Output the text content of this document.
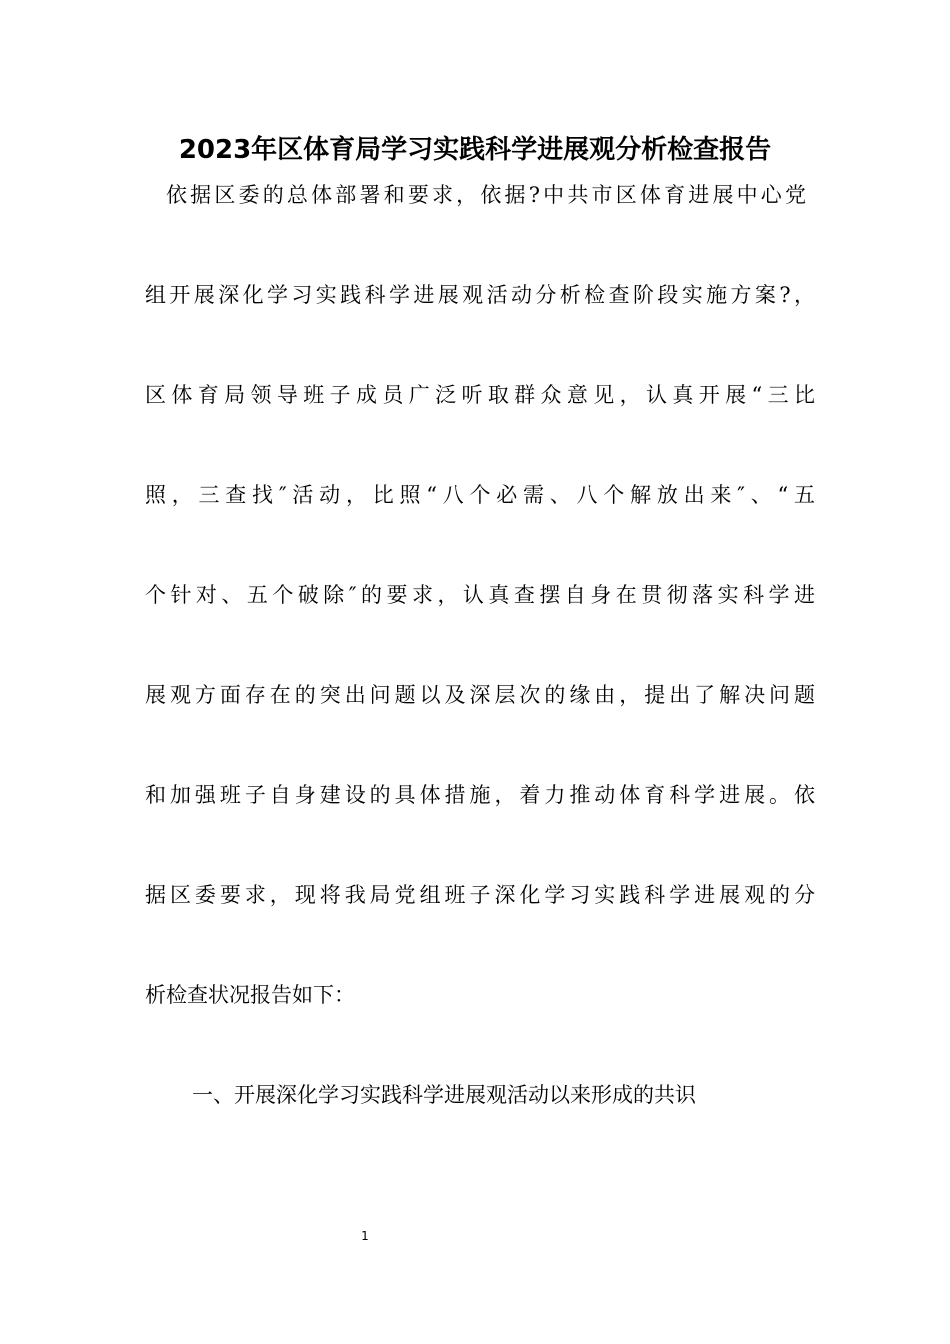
2023年区体育局学习实践科学进展观分析检查报告
依据区委的总体部署和要求，依据?中共市区体育进展中心党
组开展深化学习实践科学进展观活动分析检查阶段实施方案?，
区体育局领导班子成员广泛听取群众意见，认真开展“三比
照，三查找″活动，比照“八个必需、八个解放出来″、“五
个针对、五个破除″的要求，认真查摆自身在贯彻落实科学进
展观方面存在的突出问题以及深层次的缘由，提出了解决问题
和加强班子自身建设的具体措施，着力推动体育科学进展。依
据区委要求，现将我局党组班子深化学习实践科学进展观的分
析检查状况报告如下：
一、开展深化学习实践科学进展观活动以来形成的共识
1
